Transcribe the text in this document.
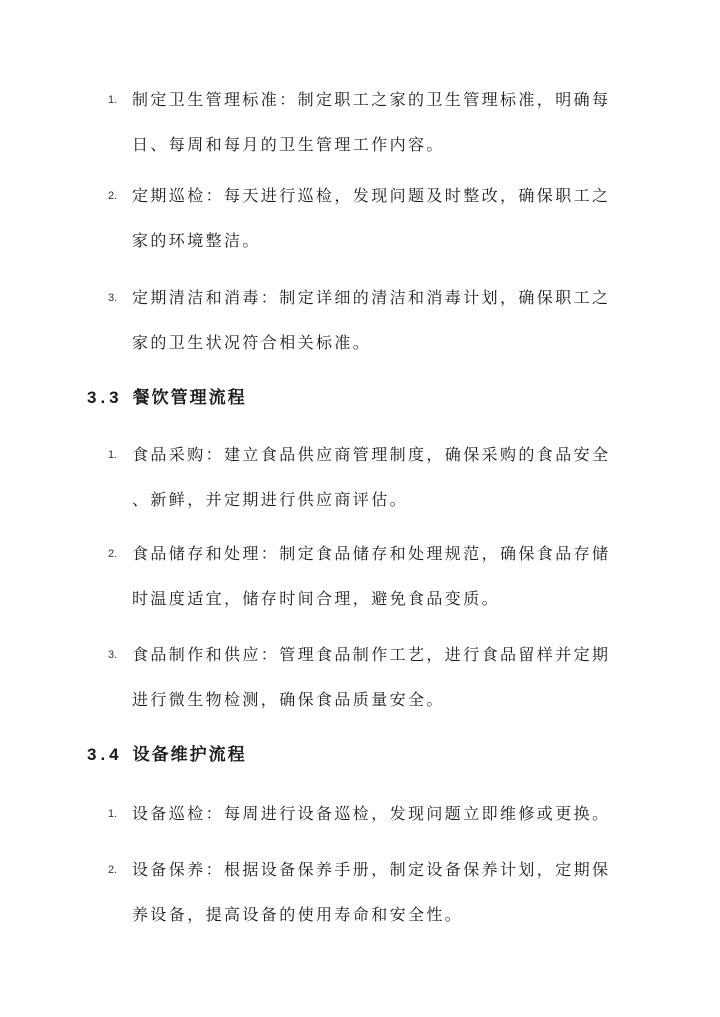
1. 制定卫生管理标准：制定职工之家的卫生管理标准，明确每
日、每周和每月的卫生管理工作内容。
2. 定期巡检：每天进行巡检，发现问题及时整改，确保职工之
家的环境整洁。
3. 定期清洁和消毒：制定详细的清洁和消毒计划，确保职工之
家的卫生状况符合相关标准。
3.3 餐饮管理流程
1. 食品采购：建立食品供应商管理制度，确保采购的食品安全
、新鲜，并定期进行供应商评估。
2. 食品储存和处理：制定食品储存和处理规范，确保食品存储
时温度适宜，储存时间合理，避免食品变质。
3. 食品制作和供应：管理食品制作工艺，进行食品留样并定期
进行微生物检测，确保食品质量安全。
3.4 设备维护流程
1. 设备巡检：每周进行设备巡检，发现问题立即维修或更换。
2. 设备保养：根据设备保养手册，制定设备保养计划，定期保
养设备，提高设备的使用寿命和安全性。
